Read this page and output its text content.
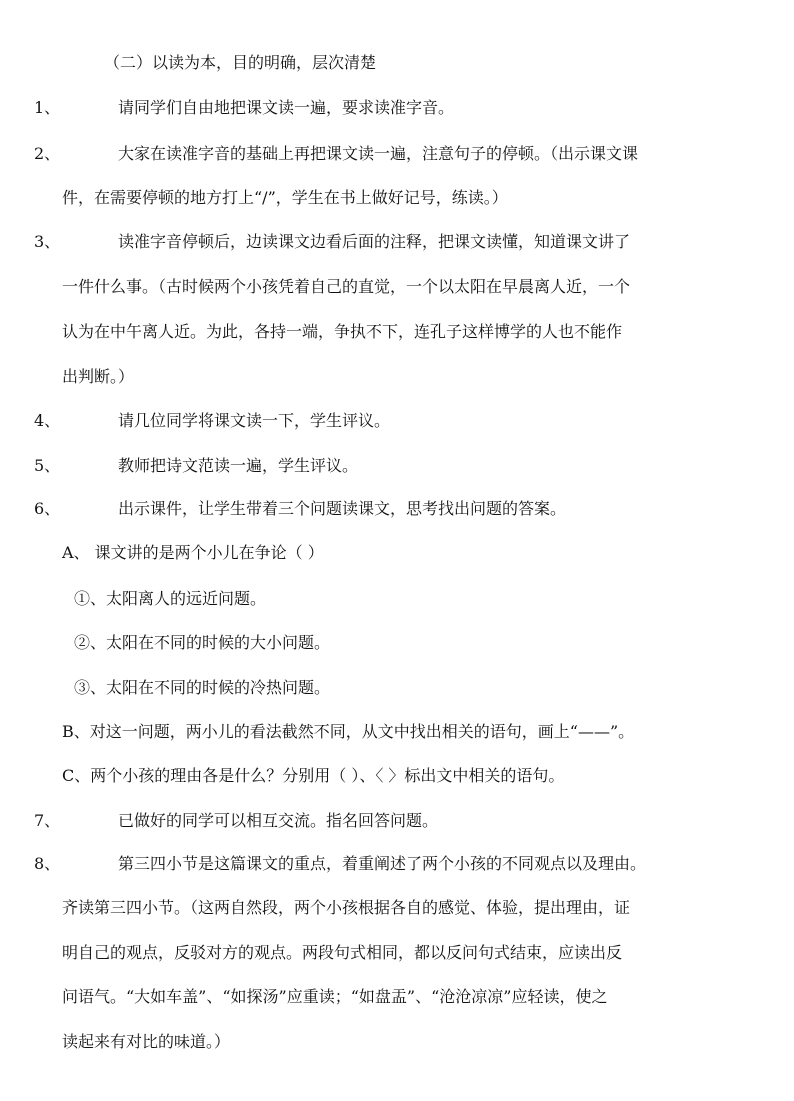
（二）以读为本，目的明确，层次清楚
1、	请同学们自由地把课文读一遍，要求读准字音。
2、	大家在读准字音的基础上再把课文读一遍，注意句子的停顿。（出示课文课
件，在需要停顿的地方打上“/”，学生在书上做好记号，练读。）
3、	读准字音停顿后，边读课文边看后面的注释，把课文读懂，知道课文讲了
一件什么事。（古时候两个小孩凭着自己的直觉，一个以太阳在早晨离人近，一个
认为在中午离人近。为此，各持一端，争执不下，连孔子这样博学的人也不能作
出判断。）
4、	请几位同学将课文读一下，学生评议。
5、	教师把诗文范读一遍，学生评议。
6、	出示课件，让学生带着三个问题读课文，思考找出问题的答案。
A、 课文讲的是两个小儿在争论（ ）
①、太阳离人的远近问题。
②、太阳在不同的时候的大小问题。
③、太阳在不同的时候的冷热问题。
B、对这一问题，两小儿的看法截然不同，从文中找出相关的语句，画上“——”。
C、两个小孩的理由各是什么？分别用（ ）、〈 〉标出文中相关的语句。
7、	已做好的同学可以相互交流。指名回答问题。
8、	第三四小节是这篇课文的重点，着重阐述了两个小孩的不同观点以及理由。
齐读第三四小节。（这两自然段，两个小孩根据各自的感觉、体验，提出理由，证
明自己的观点，反驳对方的观点。两段句式相同，都以反问句式结束，应读出反
问语气。“大如车盖”、“如探汤”应重读；“如盘盂”、“沧沧凉凉”应轻读，使之
读起来有对比的味道。）
